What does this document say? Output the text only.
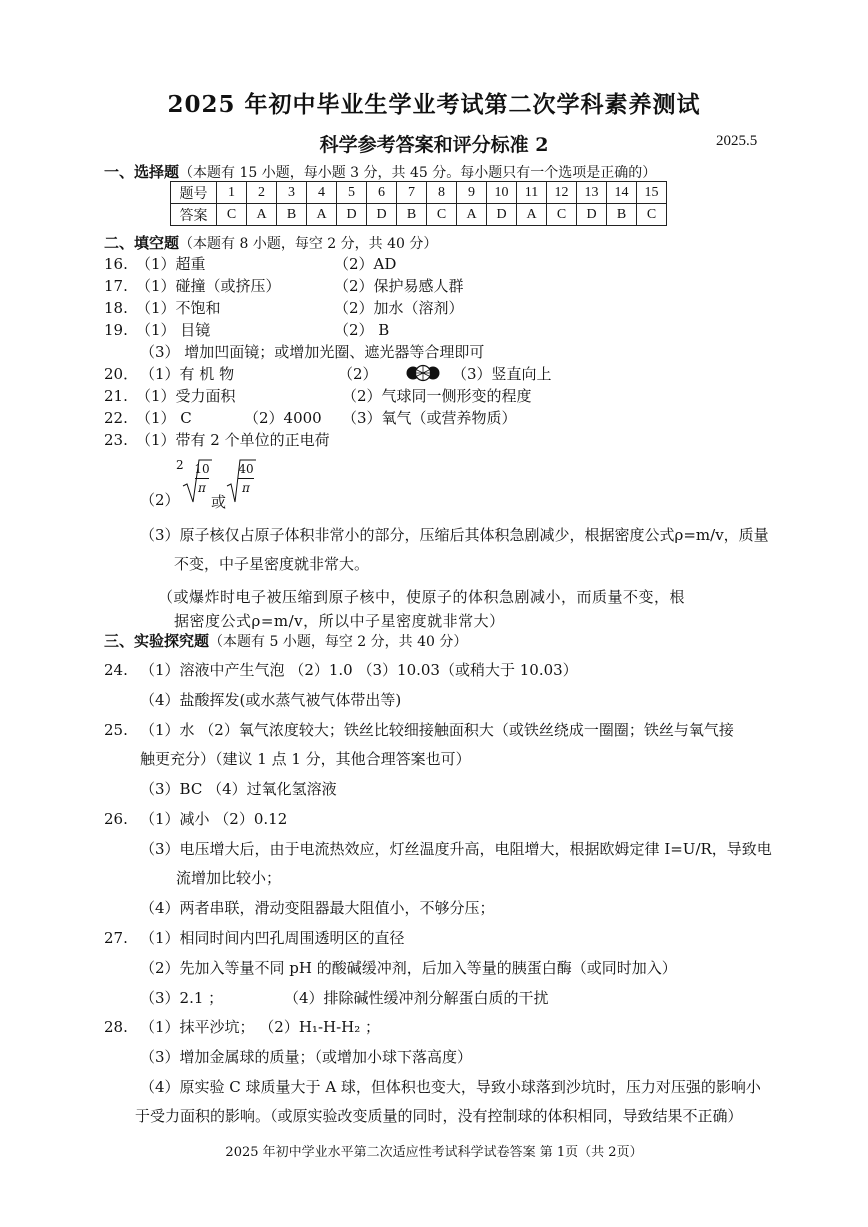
2025 年初中毕业生学业考试第二次学科素养测试
科学参考答案和评分标准 2	2025.5
一、选择题（本题有 15 小题，每小题 3 分，共 45 分。每小题只有一个选项是正确的）
题号	1	2	3	4	5	6	7	8	9	10	11	12	13	14	15
答案	C	A	B	A	D	D	B	C	A	D	A	C	D	B	C
二、填空题（本题有 8 小题，每空 2 分，共 40 分）
16. （1）超重	（2）AD
17. （1）碰撞（或挤压）	（2）保护易感人群
18. （1）不饱和	（2）加水（溶剂）
19. （1） 目镜	（2） B
（3） 增加凹面镜；或增加光圈、遮光器等合理即可
20． （1）有 机 物	（2）	（3）竖直向上
21. （1）受力面积	（2）气球同一侧形变的程度
22. （1） C	（2）4000 （3）氧气（或营养物质）
23. （1）带有 2 个单位的正电荷
（2）
2 10
π
或
40
π
（3）原子核仅占原子体积非常小的部分，压缩后其体积急剧减少，根据密度公式ρ=m/v，质量
不变，中子星密度就非常大。
（或爆炸时电子被压缩到原子核中，使原子的体积急剧减小，而质量不变，根
据密度公式ρ=m/v，所以中子星密度就非常大）
三、实验探究题（本题有 5 小题，每空 2 分，共 40 分）
24. （1）溶液中产生气泡 （2）1.0 （3）10.03（或稍大于 10.03）
（4）盐酸挥发(或水蒸气被气体带出等)
25. （1）水 （2）氧气浓度较大；铁丝比较细接触面积大（或铁丝绕成一圈圈；铁丝与氧气接
触更充分）（建议 1 点 1 分，其他合理答案也可）
（3）BC （4）过氧化氢溶液
26. （1）减小 （2）0.12
（3）电压增大后，由于电流热效应，灯丝温度升高，电阻增大，根据欧姆定律 I=U/R，导致电
流增加比较小；
（4）两者串联，滑动变阻器最大阻值小，不够分压；
27. （1）相同时间内凹孔周围透明区的直径
（2）先加入等量不同 pH 的酸碱缓冲剂，后加入等量的胰蛋白酶（或同时加入）
（3）2.1 ；	（4）排除碱性缓冲剂分解蛋白质的干扰
28. （1）抹平沙坑； （2）H₁-H-H₂ ；
（3）增加金属球的质量；（或增加小球下落高度）
（4）原实验 C 球质量大于 A 球，但体积也变大，导致小球落到沙坑时，压力对压强的影响小
于受力面积的影响。（或原实验改变质量的同时，没有控制球的体积相同，导致结果不正确）
2025 年初中学业水平第二次适应性考试科学试卷答案 第 1页（共 2页）
